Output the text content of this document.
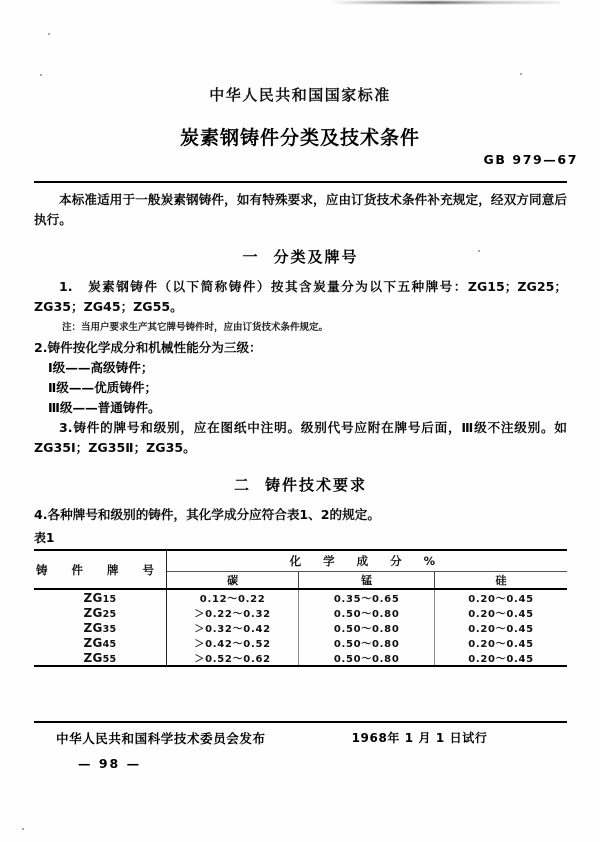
中华人民共和国国家标准
炭素钢铸件分类及技术条件
GB 979—67

本标准适用于一般炭素钢铸件，如有特殊要求，应由订货技术条件补充规定，经双方同意后执行。

一 分类及牌号

1.　炭素钢铸件（以下简称铸件）按其含炭量分为以下五种牌号：ZG15；ZG25；ZG35；ZG45；ZG55。

注：当用户要求生产其它牌号铸件时，应由订货技术条件规定。

2.铸件按化学成分和机械性能分为三级：

Ⅰ级——高级铸件；
Ⅱ级——优质铸件；
Ⅲ级——普通铸件。

3.铸件的牌号和级别，应在图纸中注明。级别代号应附在牌号后面，Ⅲ级不注级别。如ZG35Ⅰ；ZG35Ⅱ；ZG35。

二 铸件技术要求

4.各种牌号和级别的铸件，其化学成分应符合表1、2的规定。

表1
铸 件 牌 号	化 学 成 分 %		
	碳	锰	硅
ZG15	0.12～0.22	0.35～0.65	0.20～0.45
ZG25	＞0.22～0.32	0.50～0.80	0.20～0.45
ZG35	＞0.32～0.42	0.50～0.80	0.20～0.45
ZG45	＞0.42～0.52	0.50～0.80	0.20～0.45
ZG55	＞0.52～0.62	0.50～0.80	0.20～0.45
中华人民共和国科学技术委员会发布	1968年 1 月 1 日试行
— 98 —
